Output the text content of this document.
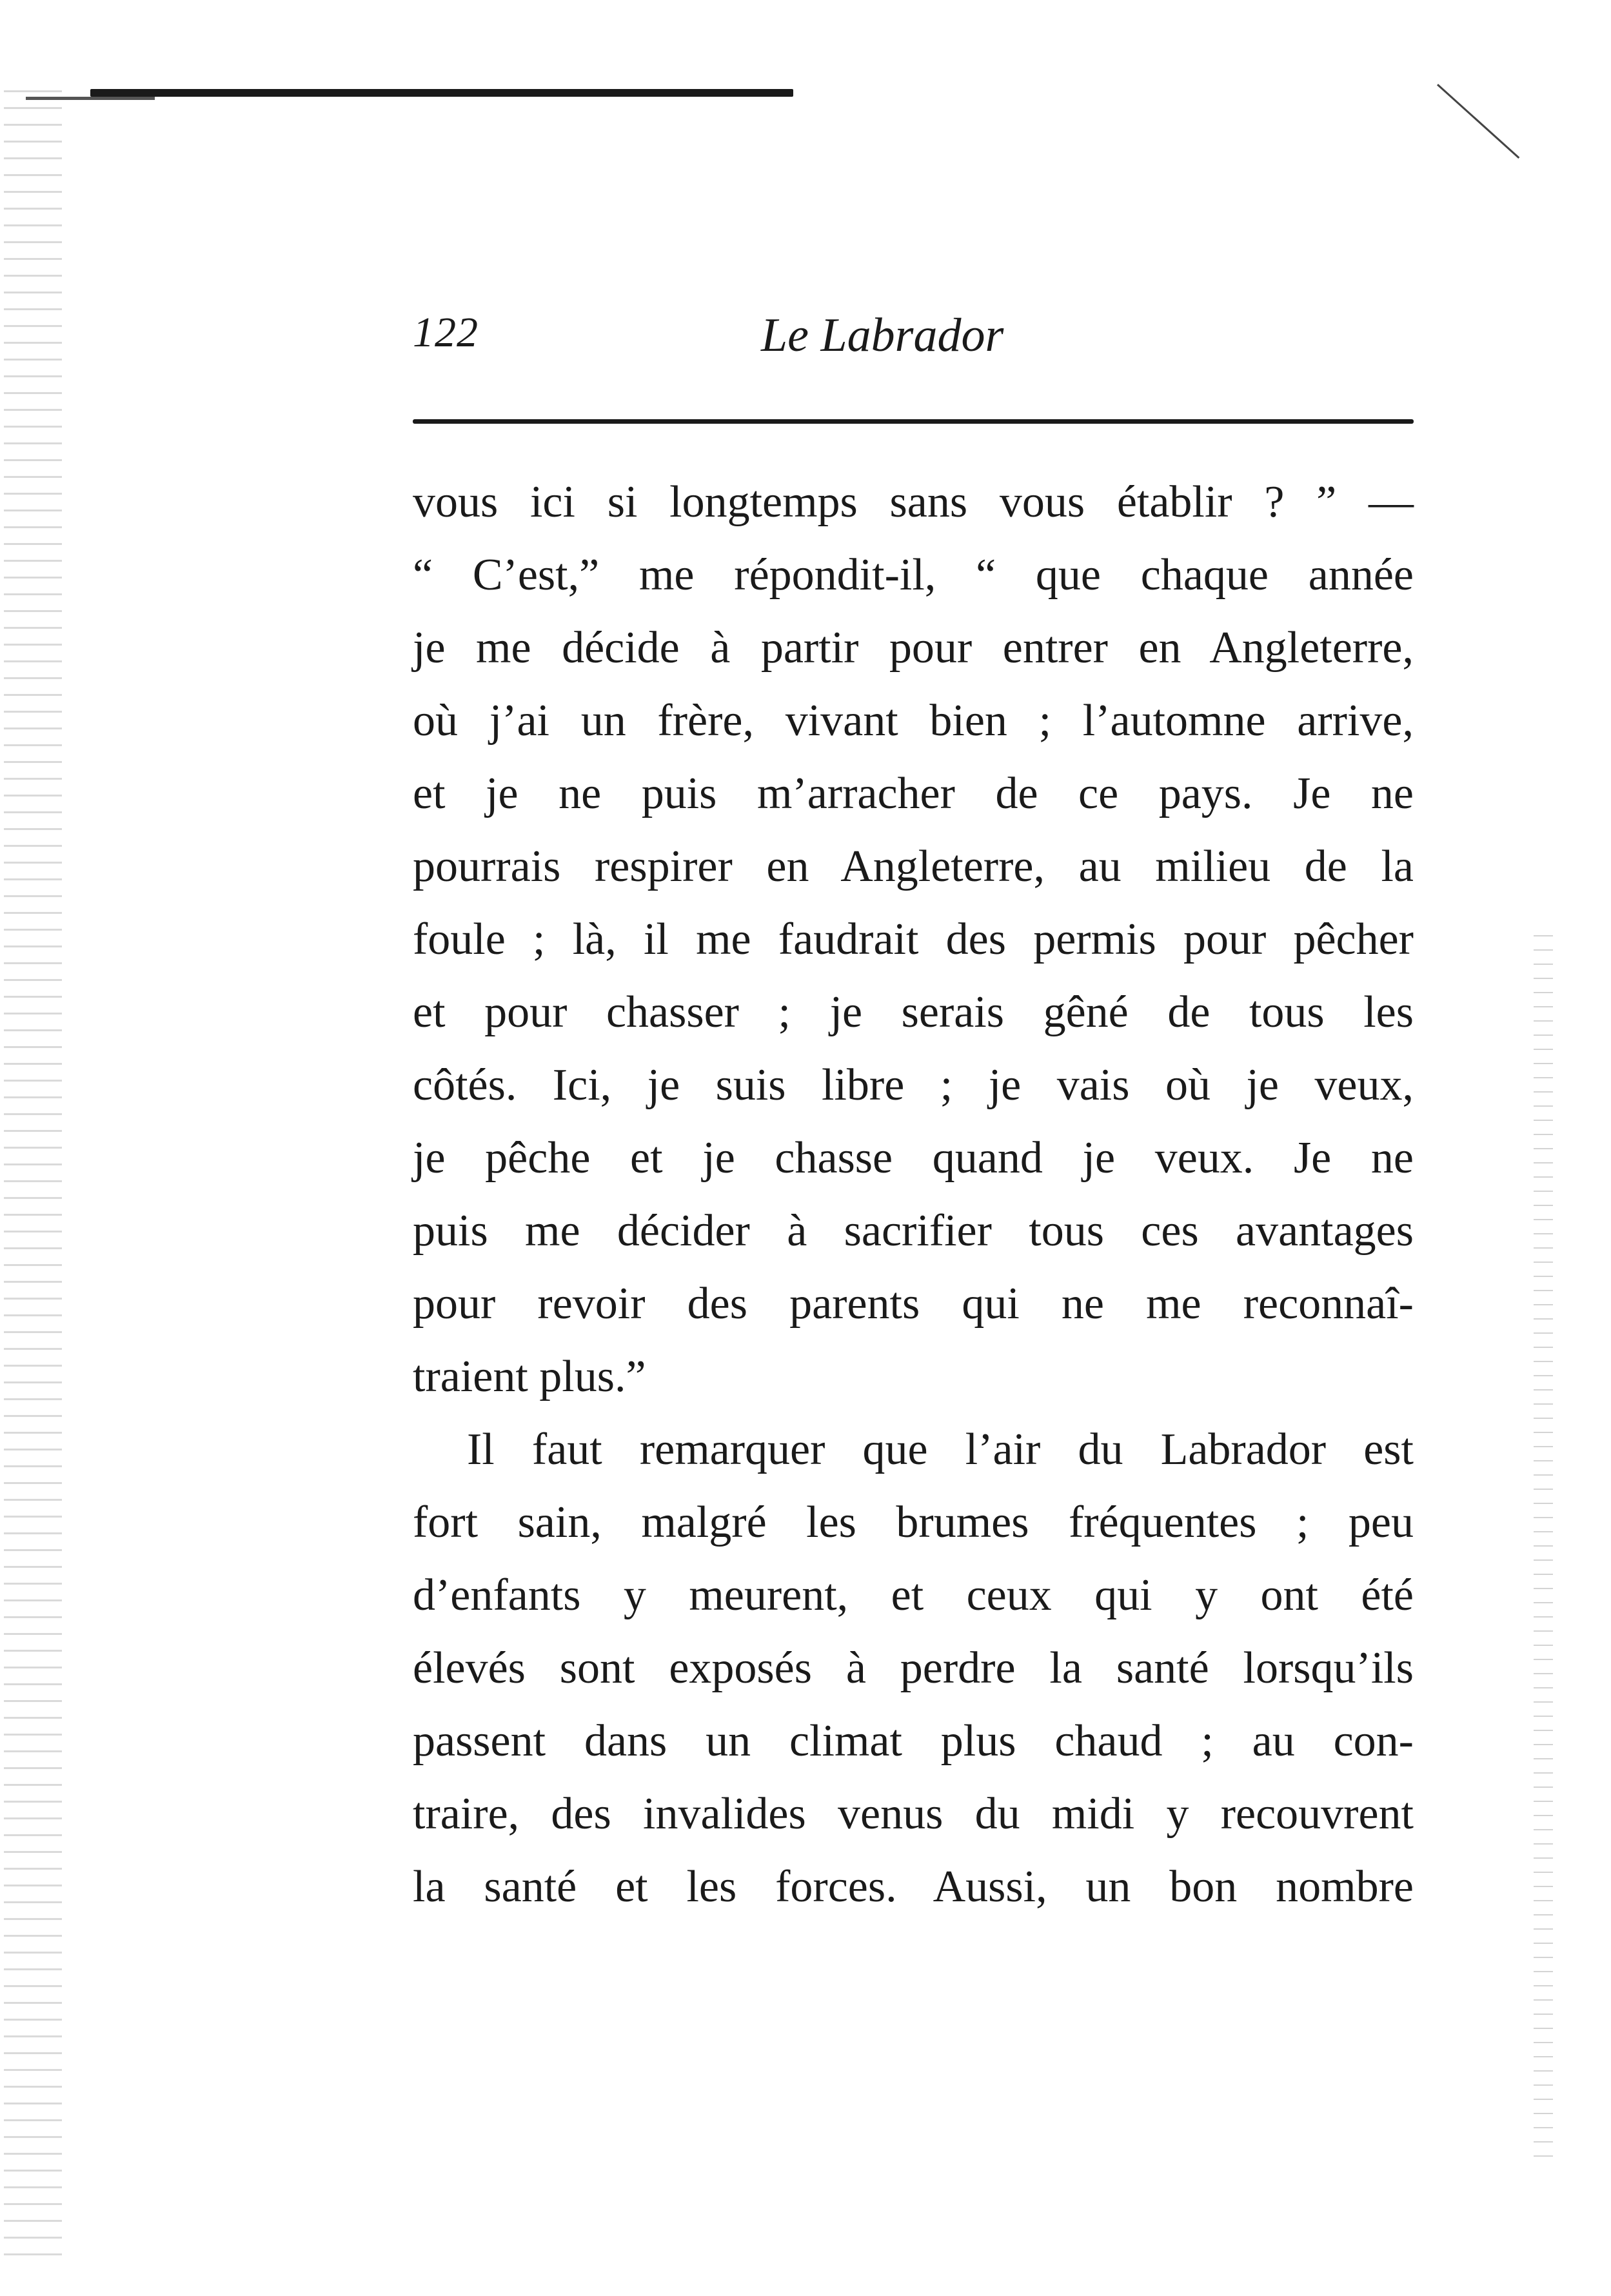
122	Le Labrador
vous ici si longtemps sans vous établir ? ” —
“ C’est,” me répondit-il, “ que chaque année
je me décide à partir pour entrer en Angleterre,
où j’ai un frère, vivant bien ; l’automne arrive,
et je ne puis m’arracher de ce pays. Je ne
pourrais respirer en Angleterre, au milieu de la
foule ; là, il me faudrait des permis pour pêcher
et pour chasser ; je serais gêné de tous les
côtés. Ici, je suis libre ; je vais où je veux,
je pêche et je chasse quand je veux. Je ne
puis me décider à sacrifier tous ces avantages
pour revoir des parents qui ne me reconnaî-
traient plus.”
Il faut remarquer que l’air du Labrador est
fort sain, malgré les brumes fréquentes ; peu
d’enfants y meurent, et ceux qui y ont été
élevés sont exposés à perdre la santé lorsqu’ils
passent dans un climat plus chaud ; au con-
traire, des invalides venus du midi y recouvrent
la santé et les forces. Aussi, un bon nombre
